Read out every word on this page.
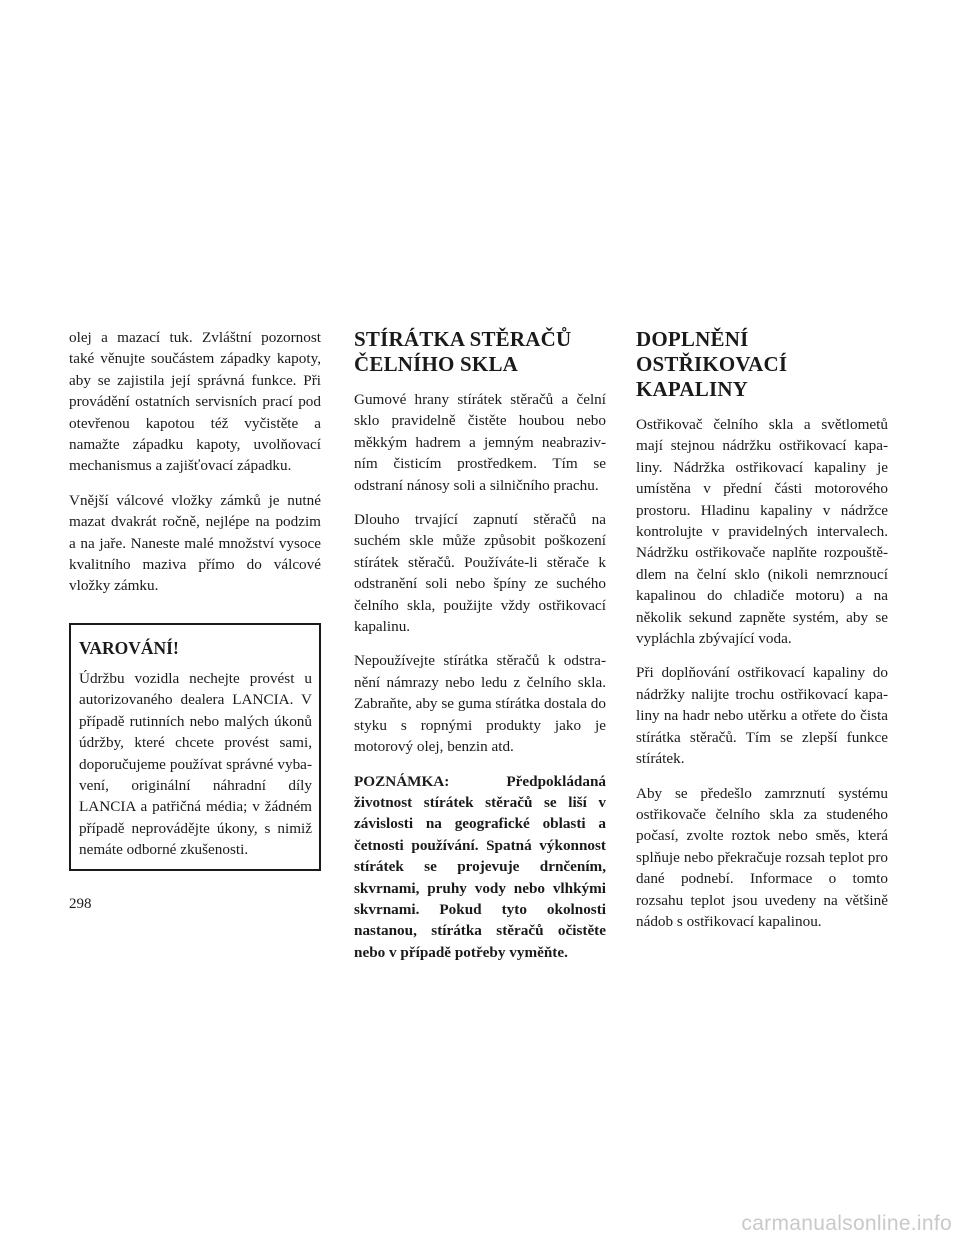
olej a mazací tuk. Zvláštní pozornost také věnujte součástem západky kapoty, aby se zajistila její správná funkce. Při provádění ostatních servisních prací pod otevřenou kapotou též vyčistěte a namažte západku kapoty, uvolňovací mechanismus a zajišťovací západku.

Vnější válcové vložky zámků je nutné mazat dvakrát ročně, nejlépe na podzim a na jaře. Naneste malé množství vysoce kvalitního maziva přímo do válcové vložky zámku.

VAROVÁNÍ!

Údržbu vozidla nechejte provést u autorizovaného dealera LANCIA. V případě rutinních nebo malých úkonů údržby, které chcete provést sami, doporučujeme používat správné vybavení, originální náhradní díly LANCIA a patřičná média; v žádném případě neprovádějte úkony, s nimiž nemáte odborné zkušenosti.

STÍRÁTKA STĚRAČŮ
ČELNÍHO SKLA

Gumové hrany stírátek stěračů a čelní sklo pravidelně čistěte houbou nebo měkkým hadrem a jemným neabrazivním čisticím prostředkem. Tím se odstraní nánosy soli a silničního prachu.

Dlouho trvající zapnutí stěračů na suchém skle může způsobit poškození stírátek stěračů. Používáte-li stěrače k odstranění soli nebo špíny ze suchého čelního skla, použijte vždy ostřikovací kapalinu.

Nepoužívejte stírátka stěračů k odstranění námrazy nebo ledu z čelního skla. Zabraňte, aby se guma stírátka dostala do styku s ropnými produkty jako je motorový olej, benzin atd.

POZNÁMKA: Předpokládaná životnost stírátek stěračů se liší v závislosti na geografické oblasti a četnosti používání. Spatná výkonnost stírátek se projevuje drnčením, skvrnami, pruhy vody nebo vlhkými skvrnami. Pokud tyto okolnosti nastanou, stírátka stěračů očistěte nebo v případě potřeby vyměňte.

DOPLNĚNÍ
OSTŘIKOVACÍ KAPALINY

Ostřikovač čelního skla a světlometů mají stejnou nádržku ostřikovací kapaliny. Nádržka ostřikovací kapaliny je umístěna v přední části motorového prostoru. Hladinu kapaliny v nádržce kontrolujte v pravidelných intervalech. Nádržku ostřikovače naplňte rozpouštědlem na čelní sklo (nikoli nemrznoucí kapalinou do chladiče motoru) a na několik sekund zapněte systém, aby se vypláchla zbývající voda.

Při doplňování ostřikovací kapaliny do nádržky nalijte trochu ostřikovací kapaliny na hadr nebo utěrku a otřete do čista stírátka stěračů. Tím se zlepší funkce stírátek.

Aby se předešlo zamrznutí systému ostřikovače čelního skla za studeného počasí, zvolte roztok nebo směs, která splňuje nebo překračuje rozsah teplot pro dané podnebí. Informace o tomto rozsahu teplot jsou uvedeny na většině nádob s ostřikovací kapalinou.

298
carmanualsonline.info
